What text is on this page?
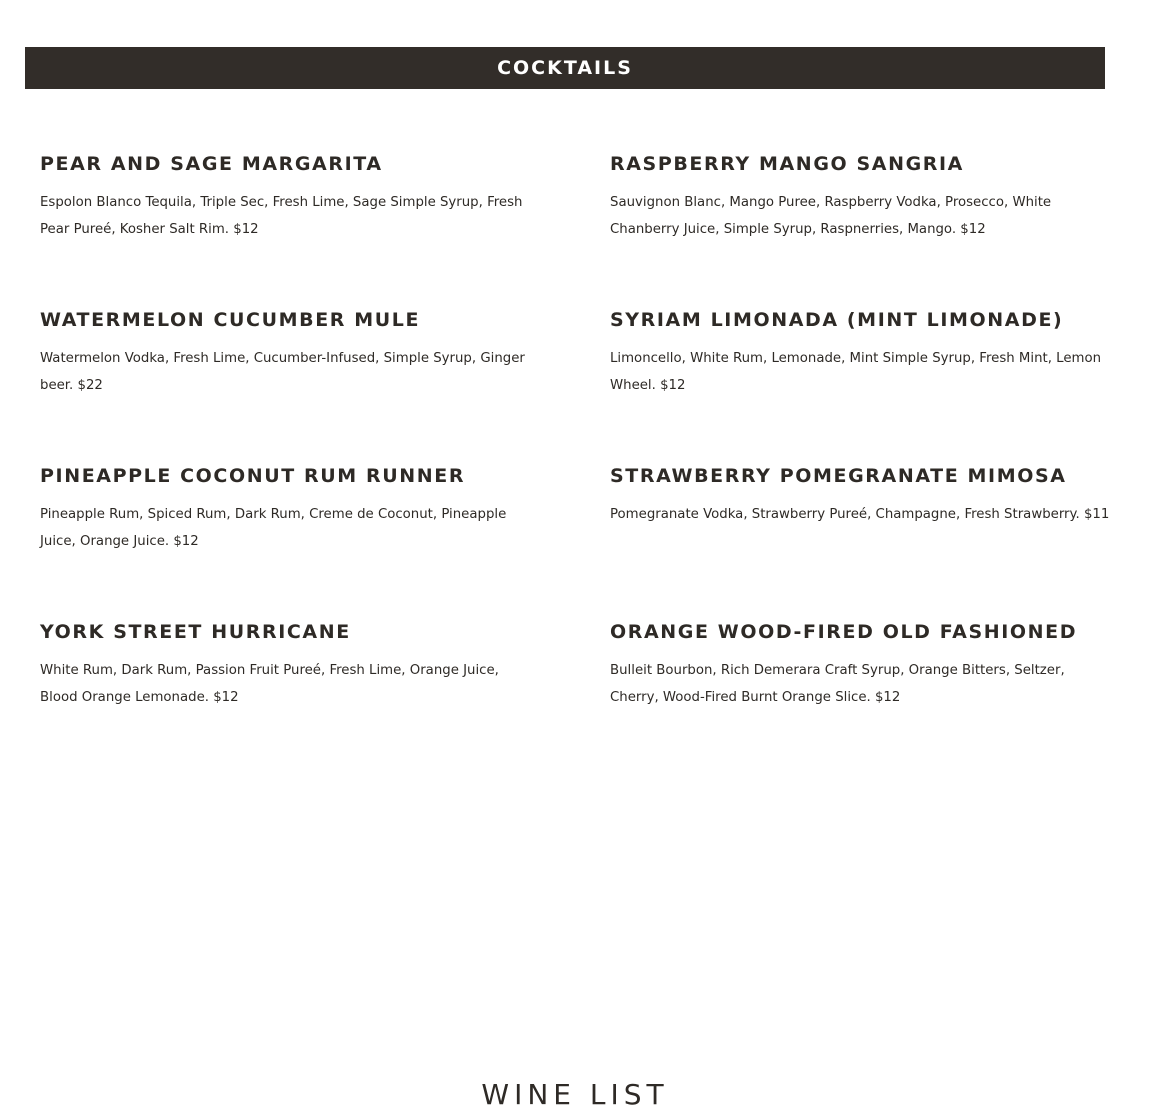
COCKTAILS
PEAR AND SAGE MARGARITA
Espolon Blanco Tequila, Triple Sec, Fresh Lime, Sage Simple Syrup, Fresh Pear Pureé, Kosher Salt Rim. $12
RASPBERRY MANGO SANGRIA
Sauvignon Blanc, Mango Puree, Raspberry Vodka, Prosecco, White Chanberry Juice, Simple Syrup, Raspnerries, Mango. $12
WATERMELON CUCUMBER MULE
Watermelon Vodka, Fresh Lime, Cucumber-Infused, Simple Syrup, Ginger beer. $22
SYRIAM LIMONADA (MINT LIMONADE)
Limoncello, White Rum, Lemonade, Mint Simple Syrup, Fresh Mint, Lemon Wheel. $12
PINEAPPLE COCONUT RUM RUNNER
Pineapple Rum, Spiced Rum, Dark Rum, Creme de Coconut, Pineapple Juice, Orange Juice. $12
STRAWBERRY POMEGRANATE MIMOSA
Pomegranate Vodka, Strawberry Pureé, Champagne, Fresh Strawberry. $11
YORK STREET HURRICANE
White Rum, Dark Rum, Passion Fruit Pureé, Fresh Lime, Orange Juice, Blood Orange Lemonade. $12
ORANGE WOOD-FIRED OLD FASHIONED
Bulleit Bourbon, Rich Demerara Craft Syrup, Orange Bitters, Seltzer, Cherry, Wood-Fired Burnt Orange Slice. $12
WINE LIST
